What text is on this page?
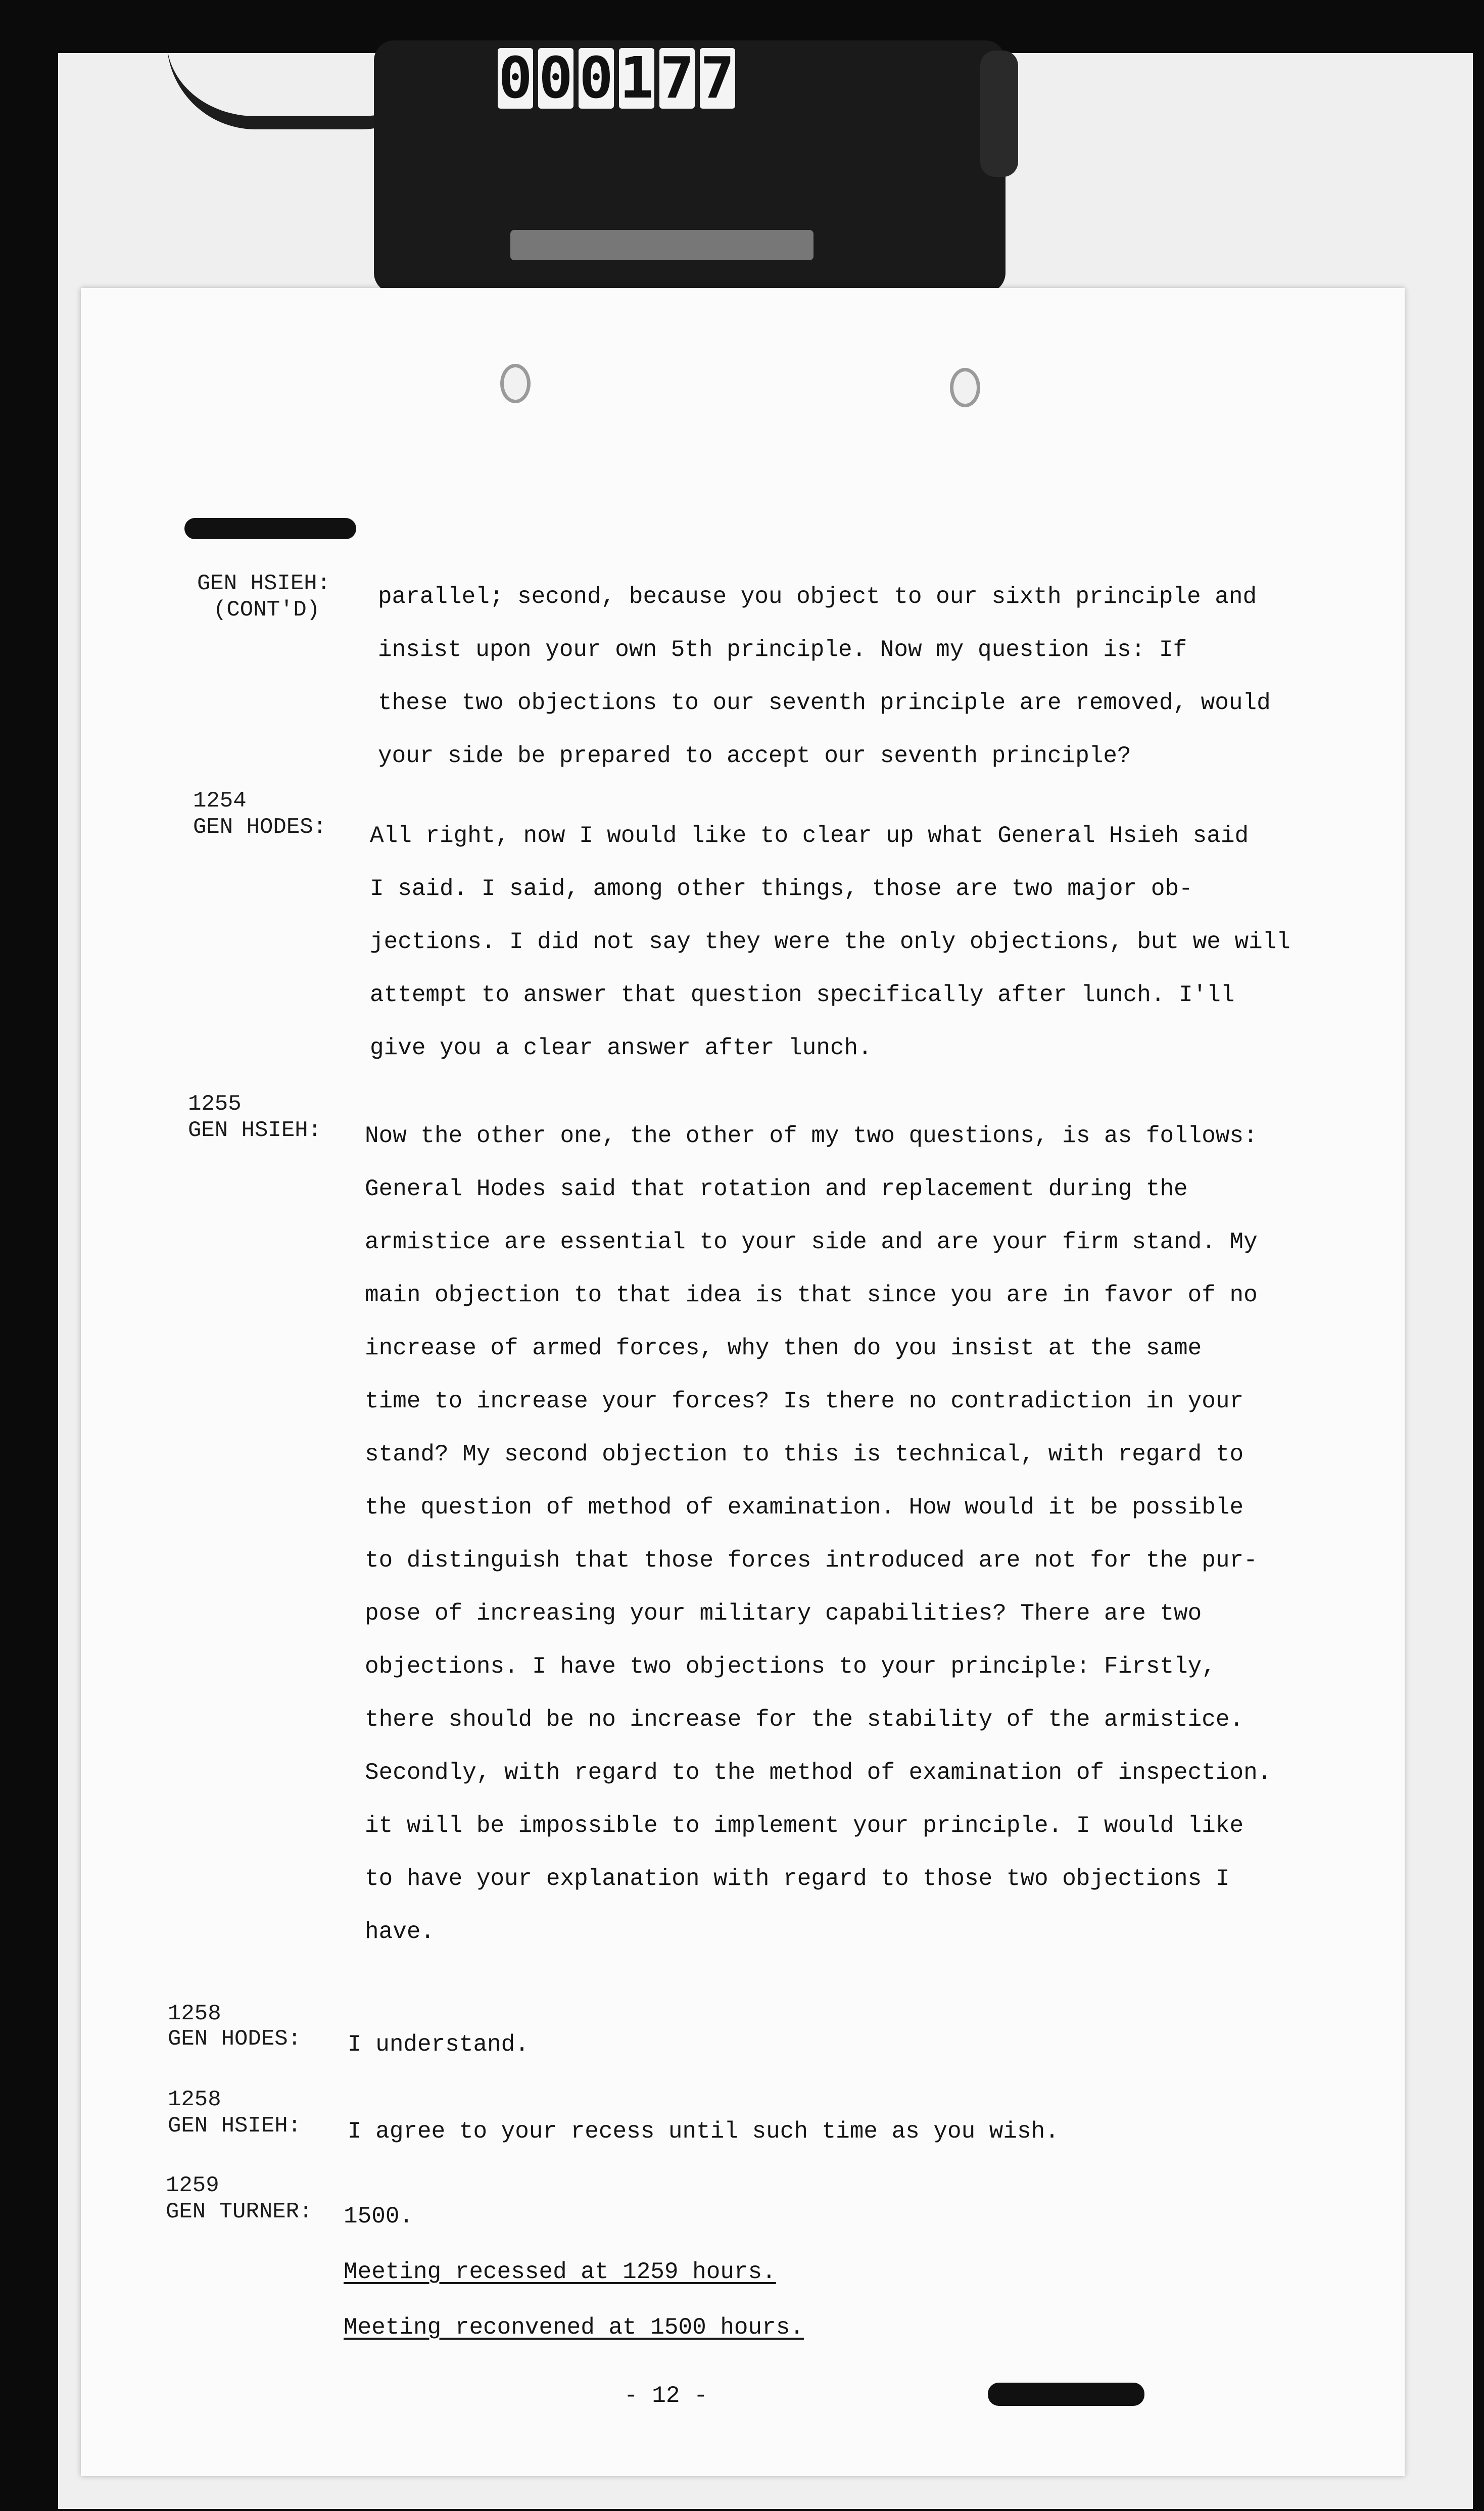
0 0 0 1 7 7
GEN HSIEH:
(CONT'D) parallel; second, because you object to our sixth principle and
insist upon your own 5th principle. Now my question is: If
these two objections to our seventh principle are removed, would
your side be prepared to accept our seventh principle?
1254
GEN HODES: All right, now I would like to clear up what General Hsieh said
I said. I said, among other things, those are two major ob-
jections. I did not say they were the only objections, but we will
attempt to answer that question specifically after lunch. I'll
give you a clear answer after lunch.
1255
GEN HSIEH: Now the other one, the other of my two questions, is as follows:
General Hodes said that rotation and replacement during the
armistice are essential to your side and are your firm stand. My
main objection to that idea is that since you are in favor of no
increase of armed forces, why then do you insist at the same
time to increase your forces? Is there no contradiction in your
stand? My second objection to this is technical, with regard to
the question of method of examination. How would it be possible
to distinguish that those forces introduced are not for the pur-
pose of increasing your military capabilities? There are two
objections. I have two objections to your principle: Firstly,
there should be no increase for the stability of the armistice.
Secondly, with regard to the method of examination of inspection.
it will be impossible to implement your principle. I would like
to have your explanation with regard to those two objections I
have.
1258
GEN HODES: I understand.
1258
GEN HSIEH: I agree to your recess until such time as you wish.
1259
GEN TURNER: 1500.
Meeting recessed at 1259 hours.
Meeting reconvened at 1500 hours.
- 12 -
